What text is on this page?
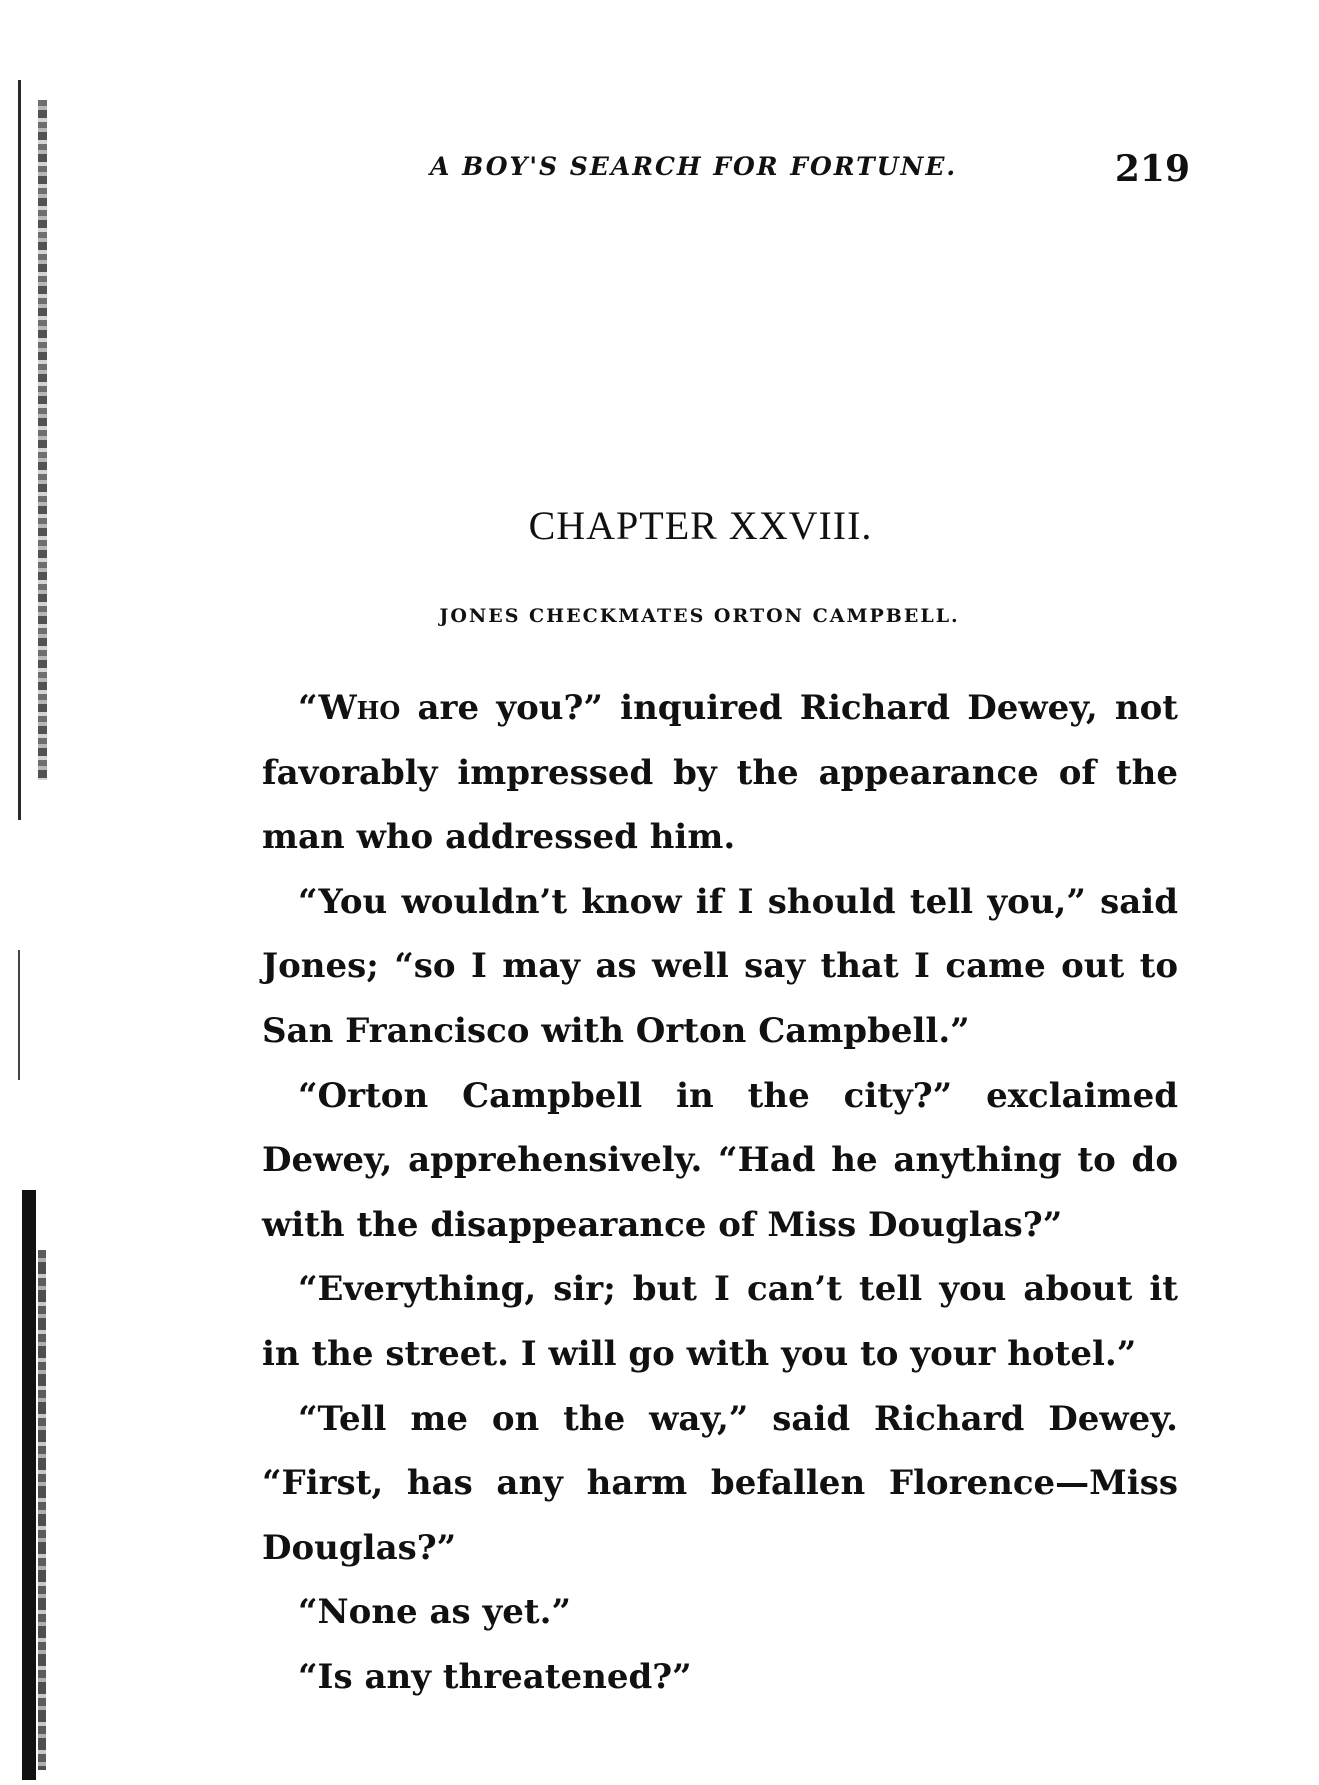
A BOY'S SEARCH FOR FORTUNE.	219
CHAPTER XXVIII.
JONES CHECKMATES ORTON CAMPBELL.

“Who are you?” inquired Richard Dewey, not favorably impressed by the appearance of the man who addressed him.

“You wouldn’t know if I should tell you,” said Jones; “so I may as well say that I came out to San Francisco with Orton Campbell.”

“Orton Campbell in the city?” exclaimed Dewey, apprehensively. “Had he anything to do with the disappearance of Miss Douglas?”

“Everything, sir; but I can’t tell you about it in the street. I will go with you to your hotel.”

“Tell me on the way,” said Richard Dewey. “First, has any harm befallen Florence—Miss Douglas?”

“None as yet.”

“Is any threatened?”
